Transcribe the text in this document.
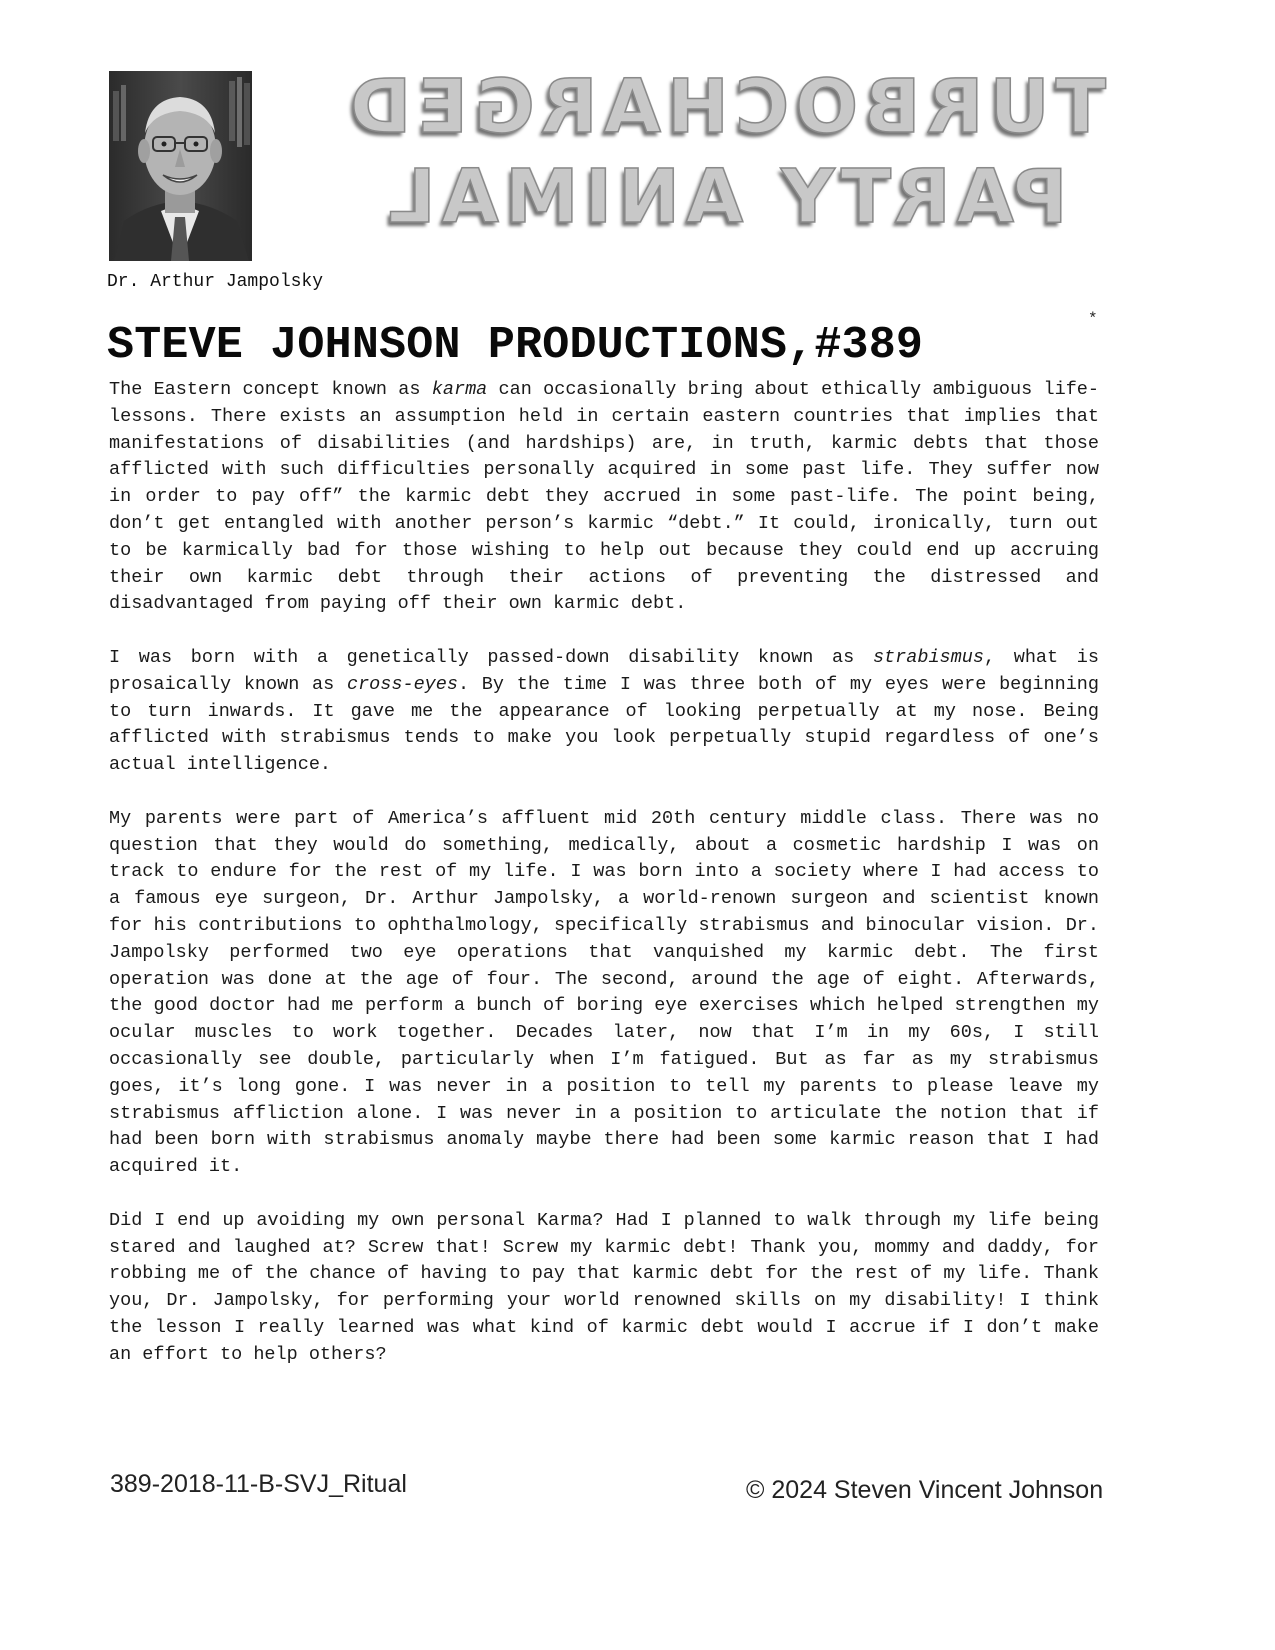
Dr. Arthur Jampolsky
TURBOCHARGED
PARTY ANIMAL
*
STEVE JOHNSON PRODUCTIONS,#389

The Eastern concept known as karma can occasionally bring about ethically ambiguous life-lessons. There exists an assumption held in certain eastern countries that implies that manifestations of disabilities (and hardships) are, in truth, karmic debts that those afflicted with such difficulties personally acquired in some past life. They suffer now in order to pay off” the karmic debt they accrued in some past-life. The point being, don’t get entangled with another person’s karmic “debt.” It could, ironically, turn out to be karmically bad for those wishing to help out because they could end up accruing their own karmic debt through their actions of preventing the distressed and disadvantaged from paying off their own karmic debt.

I was born with a genetically passed-down disability known as strabismus, what is prosaically known as cross-eyes. By the time I was three both of my eyes were beginning to turn inwards. It gave me the appearance of looking perpetually at my nose. Being afflicted with strabismus tends to make you look perpetually stupid regardless of one’s actual intelligence.

My parents were part of America’s affluent mid 20th century middle class. There was no question that they would do something, medically, about a cosmetic hardship I was on track to endure for the rest of my life. I was born into a society where I had access to a famous eye surgeon, Dr. Arthur Jampolsky, a world-renown surgeon and scientist known for his contributions to ophthalmology, specifically strabismus and binocular vision. Dr. Jampolsky performed two eye operations that vanquished my karmic debt. The first operation was done at the age of four. The second, around the age of eight. Afterwards, the good doctor had me perform a bunch of boring eye exercises which helped strengthen my ocular muscles to work together. Decades later, now that I’m in my 60s, I still occasionally see double, particularly when I’m fatigued. But as far as my strabismus goes, it’s long gone. I was never in a position to tell my parents to please leave my strabismus affliction alone. I was never in a position to articulate the notion that if had been born with strabismus anomaly maybe there had been some karmic reason that I had acquired it.

Did I end up avoiding my own personal Karma? Had I planned to walk through my life being stared and laughed at? Screw that! Screw my karmic debt! Thank you, mommy and daddy, for robbing me of the chance of having to pay that karmic debt for the rest of my life. Thank you, Dr. Jampolsky, for performing your world renowned skills on my disability! I think the lesson I really learned was what kind of karmic debt would I accrue if I don’t make an effort to help others?

389-2018-11-B-SVJ_Ritual	© 2024 Steven Vincent Johnson
